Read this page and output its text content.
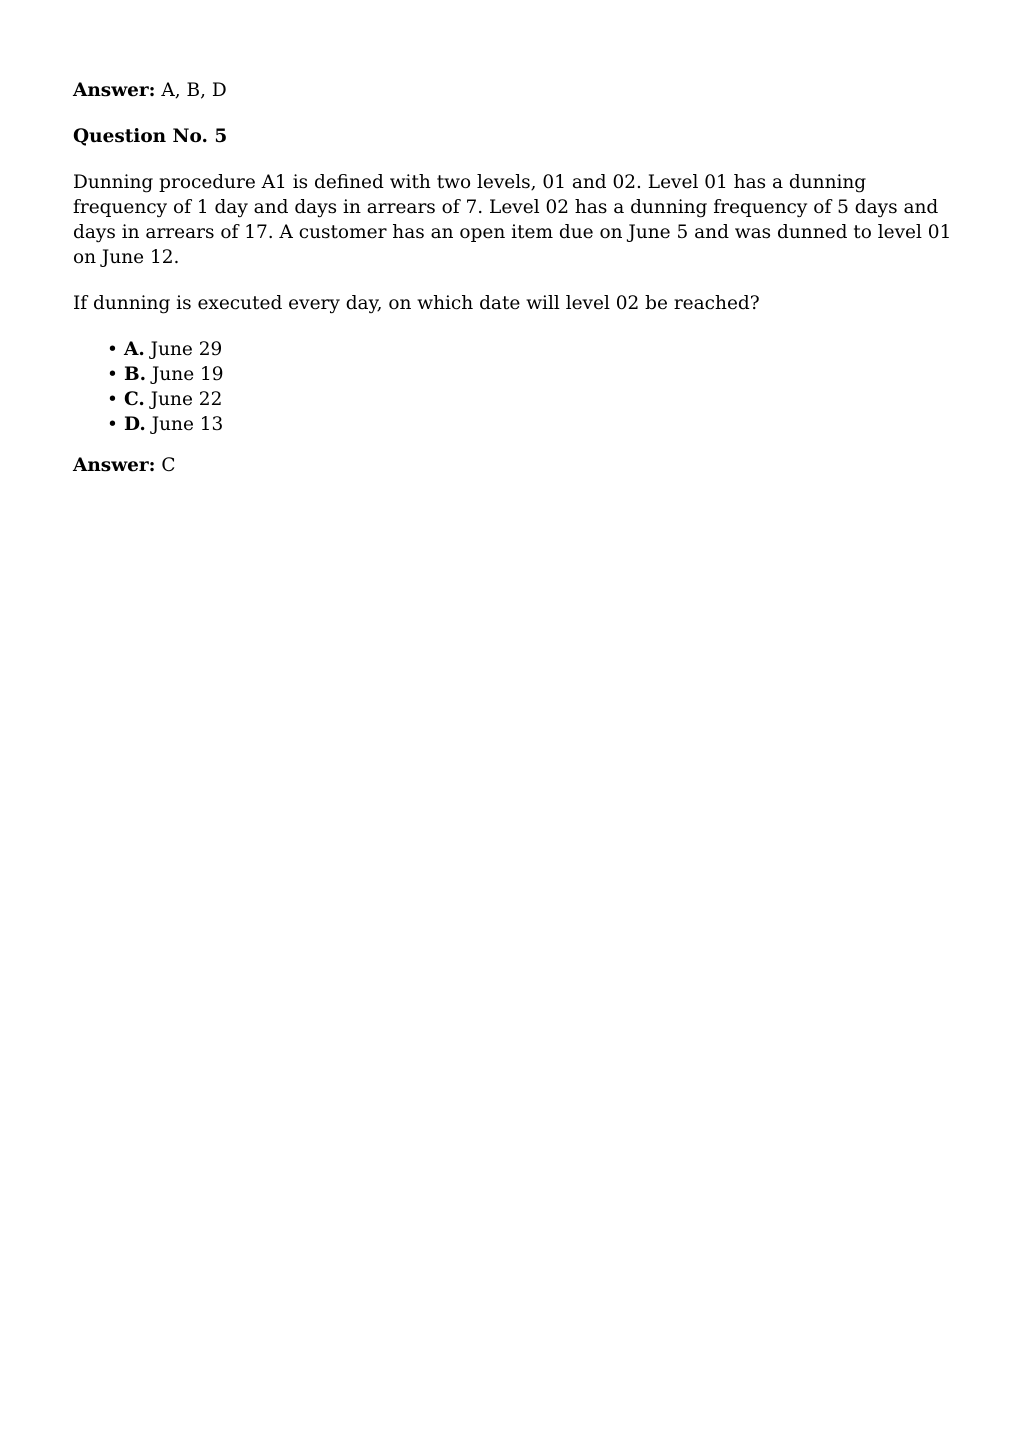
Answer: A, B, D

Question No. 5

Dunning procedure A1 is defined with two levels, 01 and 02. Level 01 has a dunning frequency of 1 day and days in arrears of 7. Level 02 has a dunning frequency of 5 days and days in arrears of 17. A customer has an open item due on June 5 and was dunned to level 01 on June 12.

If dunning is executed every day, on which date will level 02 be reached?

• A. June 29
• B. June 19
• C. June 22
• D. June 13

Answer: C
